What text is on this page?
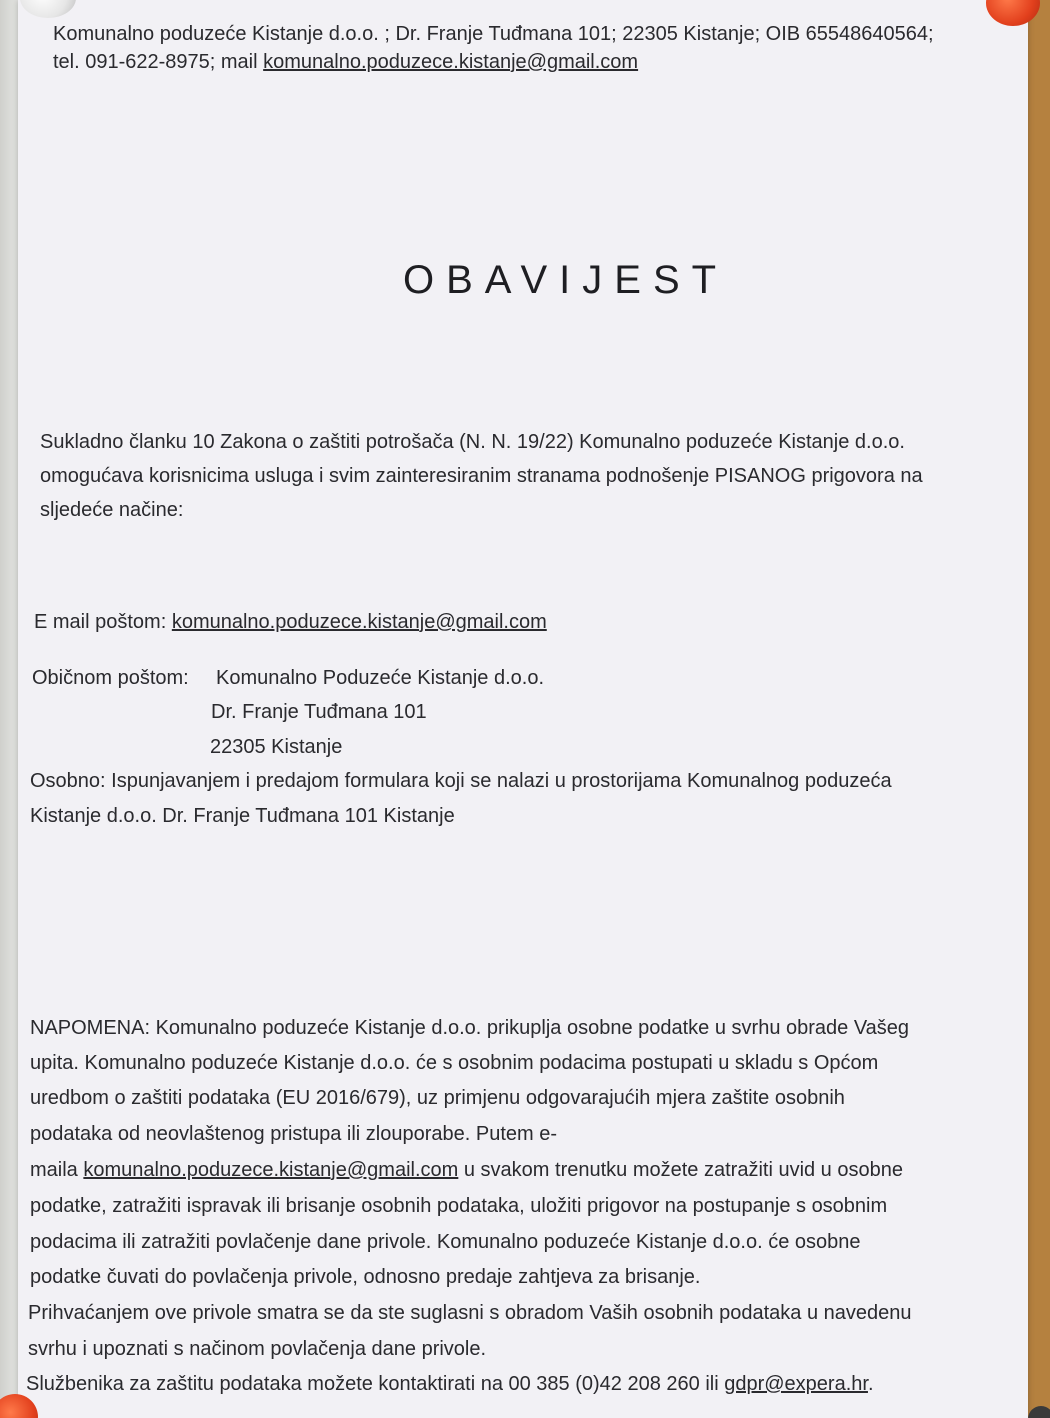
Komunalno poduzeće Kistanje d.o.o. ; Dr. Franje Tuđmana 101; 22305 Kistanje; OIB 65548640564;
tel. 091-622-8975; mail komunalno.poduzece.kistanje@gmail.com
OBAVIJEST
Sukladno članku 10 Zakona o zaštiti potrošača (N. N. 19/22) Komunalno poduzeće Kistanje d.o.o.
omogućava korisnicima usluga i svim zainteresiranim stranama podnošenje PISANOG prigovora na
sljedeće načine:
E mail poštom: komunalno.poduzece.kistanje@gmail.com
Običnom poštom: Komunalno Poduzeće Kistanje d.o.o.
Dr. Franje Tuđmana 101
22305 Kistanje
Osobno: Ispunjavanjem i predajom formulara koji se nalazi u prostorijama Komunalnog poduzeća
Kistanje d.o.o. Dr. Franje Tuđmana 101 Kistanje
NAPOMENA: Komunalno poduzeće Kistanje d.o.o. prikuplja osobne podatke u svrhu obrade Vašeg
upita. Komunalno poduzeće Kistanje d.o.o. će s osobnim podacima postupati u skladu s Općom
uredbom o zaštiti podataka (EU 2016/679), uz primjenu odgovarajućih mjera zaštite osobnih
podataka od neovlaštenog pristupa ili zlouporabe. Putem e-
maila komunalno.poduzece.kistanje@gmail.com u svakom trenutku možete zatražiti uvid u osobne
podatke, zatražiti ispravak ili brisanje osobnih podataka, uložiti prigovor na postupanje s osobnim
podacima ili zatražiti povlačenje dane privole. Komunalno poduzeće Kistanje d.o.o. će osobne
podatke čuvati do povlačenja privole, odnosno predaje zahtjeva za brisanje.
Prihvaćanjem ove privole smatra se da ste suglasni s obradom Vaših osobnih podataka u navedenu
svrhu i upoznati s načinom povlačenja dane privole.
Službenika za zaštitu podataka možete kontaktirati na 00 385 (0)42 208 260 ili gdpr@expera.hr.
